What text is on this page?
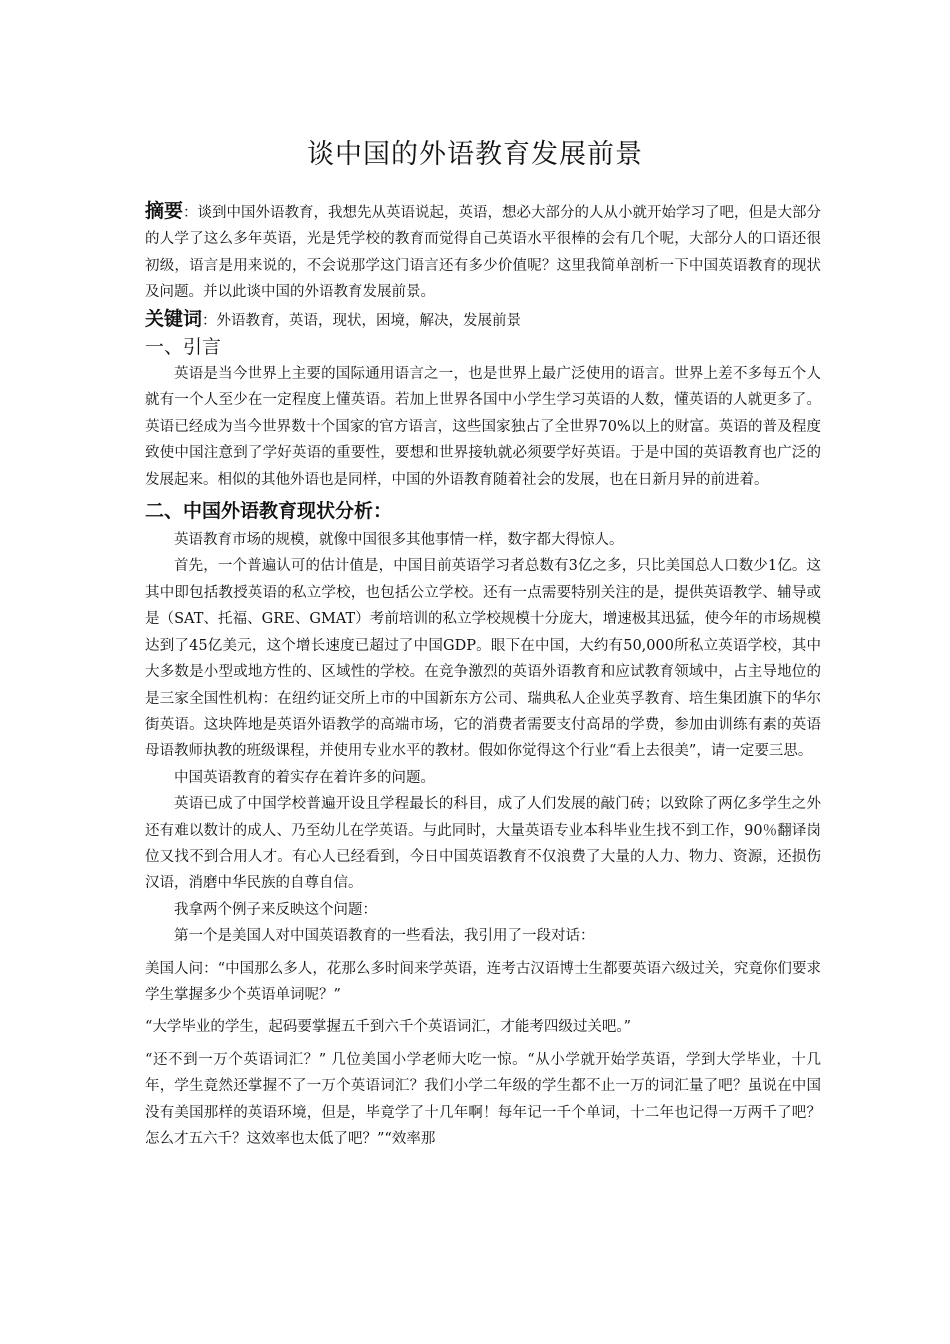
谈中国的外语教育发展前景

摘要：谈到中国外语教育，我想先从英语说起，英语，想必大部分的人从小就开始学习了吧，但是大部分的人学了这么多年英语，光是凭学校的教育而觉得自己英语水平很棒的会有几个呢，大部分人的口语还很初级，语言是用来说的，不会说那学这门语言还有多少价值呢？这里我简单剖析一下中国英语教育的现状及问题。并以此谈中国的外语教育发展前景。

关键词：外语教育，英语，现状，困境，解决，发展前景

一、引言

英语是当今世界上主要的国际通用语言之一，也是世界上最广泛使用的语言。世界上差不多每五个人就有一个人至少在一定程度上懂英语。若加上世界各国中小学生学习英语的人数，懂英语的人就更多了。英语已经成为当今世界数十个国家的官方语言，这些国家独占了全世界70%以上的财富。英语的普及程度致使中国注意到了学好英语的重要性，要想和世界接轨就必须要学好英语。于是中国的英语教育也广泛的发展起来。相似的其他外语也是同样，中国的外语教育随着社会的发展，也在日新月异的前进着。

二、中国外语教育现状分析：

英语教育市场的规模，就像中国很多其他事情一样，数字都大得惊人。

首先，一个普遍认可的估计值是，中国目前英语学习者总数有3亿之多，只比美国总人口数少1亿。这其中即包括教授英语的私立学校，也包括公立学校。还有一点需要特别关注的是，提供英语教学、辅导或是（SAT、托福、GRE、GMAT）考前培训的私立学校规模十分庞大，增速极其迅猛，使今年的市场规模达到了45亿美元，这个增长速度已超过了中国GDP。眼下在中国，大约有50,000所私立英语学校，其中大多数是小型或地方性的、区域性的学校。在竞争激烈的英语外语教育和应试教育领域中，占主导地位的是三家全国性机构：在纽约证交所上市的中国新东方公司、瑞典私人企业英孚教育、培生集团旗下的华尔街英语。这块阵地是英语外语教学的高端市场，它的消费者需要支付高昂的学费，参加由训练有素的英语母语教师执教的班级课程，并使用专业水平的教材。假如你觉得这个行业“看上去很美”，请一定要三思。

中国英语教育的着实存在着许多的问题。

英语已成了中国学校普遍开设且学程最长的科目，成了人们发展的敲门砖；以致除了两亿多学生之外还有难以数计的成人、乃至幼儿在学英语。与此同时，大量英语专业本科毕业生找不到工作，90％翻译岗位又找不到合用人才。有心人已经看到，今日中国英语教育不仅浪费了大量的人力、物力、资源，还损伤汉语，消磨中华民族的自尊自信。

我拿两个例子来反映这个问题：

第一个是美国人对中国英语教育的一些看法，我引用了一段对话：

美国人问：“中国那么多人，花那么多时间来学英语，连考古汉语博士生都要英语六级过关，究竟你们要求学生掌握多少个英语单词呢？”

“大学毕业的学生，起码要掌握五千到六千个英语词汇，才能考四级过关吧。”

“还不到一万个英语词汇？” 几位美国小学老师大吃一惊。“从小学就开始学英语，学到大学毕业，十几年，学生竟然还掌握不了一万个英语词汇？我们小学二年级的学生都不止一万的词汇量了吧？虽说在中国没有美国那样的英语环境，但是，毕竟学了十几年啊！每年记一千个单词，十二年也记得一万两千了吧？怎么才五六千？这效率也太低了吧？”“效率那
